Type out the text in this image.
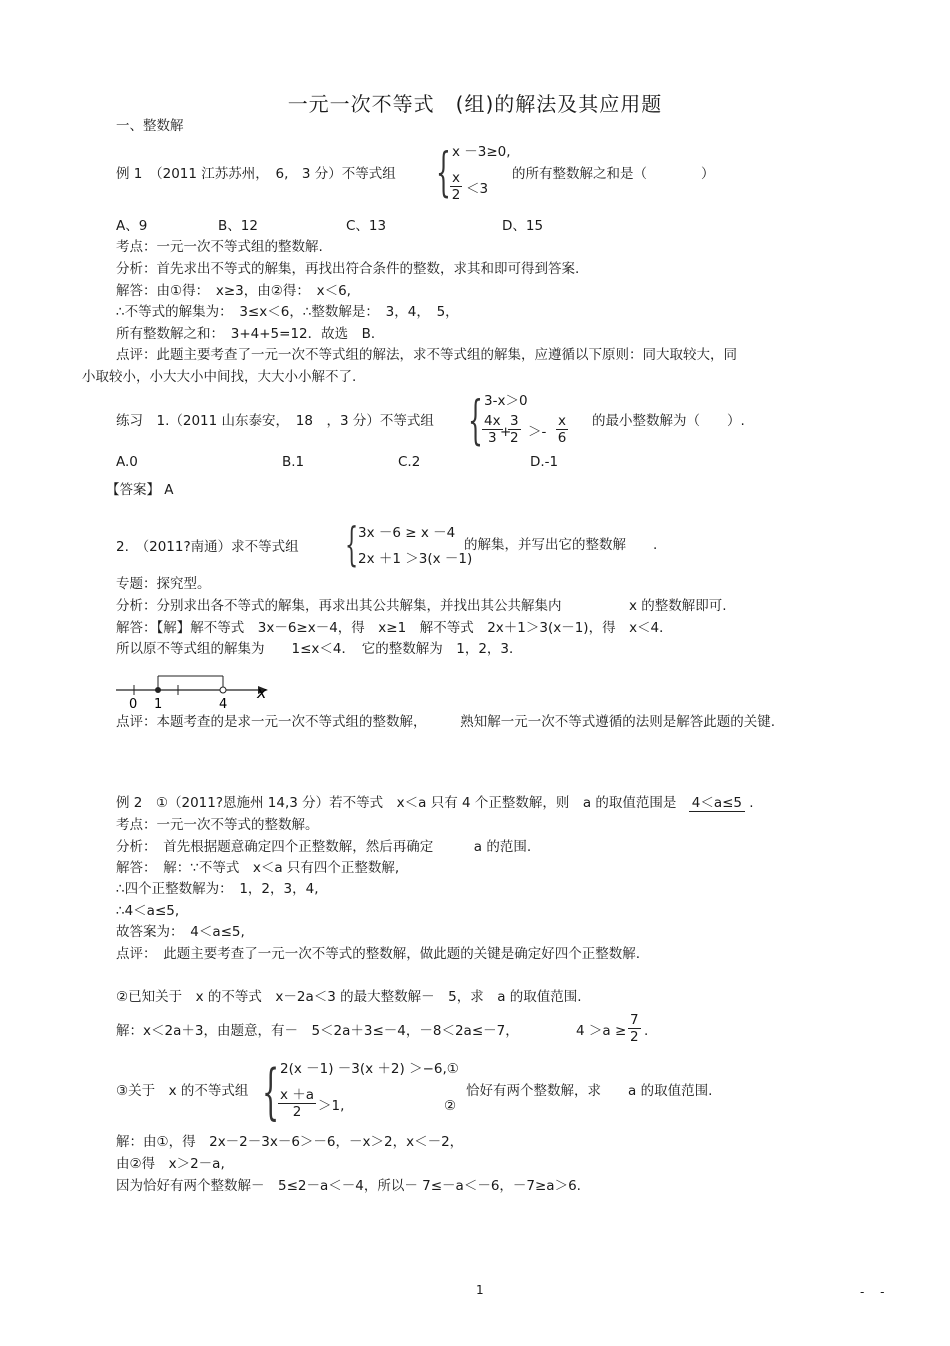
一元一次不等式　(组)的解法及其应用题
一、整数解
例 1　（2011 江苏苏州，　6,　3 分）不等式组 { x －3≥0,
$\frac{x}{2} <3$
的所有整数解之和是（　　　　）
A、9	B、12	C、13	D、15
考点：一元一次不等式组的整数解.
分析：首先求出不等式的解集，再找出符合条件的整数，求其和即可得到答案.
解答：由①得：　x≥3，由②得：　x＜6,
∴不等式的解集为：　3≤x＜6，∴整数解是：　3，4，　5，
所有整数解之和：　3+4+5=12．故选　B．
点评：此题主要考查了一元一次不等式组的解法，求不等式组的解集，应遵循以下原则：同大取较大，同
小取较小，小大大小中间找，大大小小解不了.
练习　1.（2011 山东泰安，　18　，3 分）不等式组 { 3-x＞0
$\frac{4x}{3}$
+
$\frac{3}{2} >- \frac{x}{6}$ 的最小整数解为（　　）.
A.0	B.1	C.2	D.-1
【答案】 A
2.　（2011?南通）求不等式组 { 3x －6 ≥ x －4
2x ＋1 ＞3(x －1)
的解集，并写出它的整数解　　.
专题：探究型。
分析：分别求出各不等式的解集，再求出其公共解集，并找出其公共解集内　　　　　x 的整数解即可.
解答：【解】解不等式　3x－6≥x－4，得　x≥1　解不等式　2x＋1＞3(x－1)，得　x＜4．
所以原不等式组的解集为　　1≤x＜4．　它的整数解为　1，2，3．
0 1	4
x
点评：本题考查的是求一元一次不等式组的整数解，　　　熟知解一元一次不等式遵循的法则是解答此题的关键.
例 2　①（2011?恩施州 14,3 分）若不等式　x＜a 只有 4 个正整数解，则　a 的取值范围是 4＜a≤5 .
考点：一元一次不等式的整数解。
分析：　首先根据题意确定四个正整数解，然后再确定　　　a 的范围.
解答：　解：∵不等式　x＜a 只有四个正整数解,
∴四个正整数解为：　1，2，3，4,
∴4＜a≤5,
故答案为：　4＜a≤5,
点评：　此题主要考查了一元一次不等式的整数解，做此题的关键是确定好四个正整数解.
②已知关于　x 的不等式　x－2a＜3 的最大整数解－　5，求　a 的取值范围.
解：x＜2a＋3，由题意，有－　5＜2a＋3≤－4，－8＜2a≤－7，	$4 >a \ge \frac{7}{2}$ .
③关于　x 的不等式组 { 2(x －1) －3(x ＋2) ＞−6,①
$\frac{x +a}{2} >1$,	②
恰好有两个整数解，求　　a 的取值范围.
解：由①，得　2x－2－3x－6＞－6，－x＞2，x＜－2，
由②得　x＞2－a,
因为恰好有两个整数解－　5≤2－a＜－4，所以－ 7≤－a＜－6，－7≥a＞6.
1	- -
